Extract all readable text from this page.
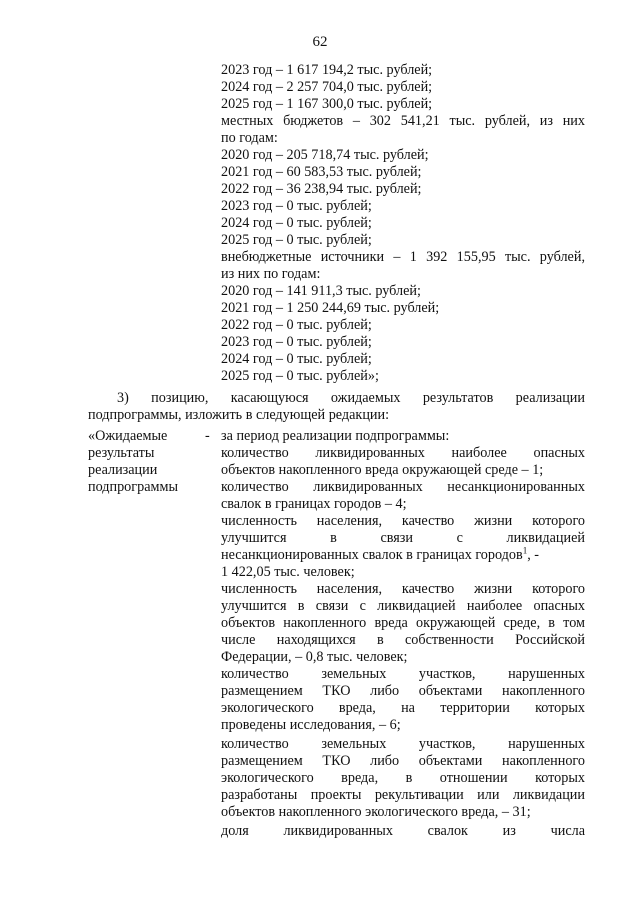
62
2023 год – 1 617 194,2 тыс. рублей;
2024 год – 2 257 704,0 тыс. рублей;
2025 год – 1 167 300,0 тыс. рублей;
местных бюджетов – 302 541,21 тыс. рублей, из них
по годам:
2020 год – 205 718,74 тыс. рублей;
2021 год – 60 583,53 тыс. рублей;
2022 год – 36 238,94 тыс. рублей;
2023 год – 0 тыс. рублей;
2024 год – 0 тыс. рублей;
2025 год – 0 тыс. рублей;
внебюджетные источники – 1 392 155,95 тыс. рублей,
из них по годам:
2020 год – 141 911,3 тыс. рублей;
2021 год – 1 250 244,69 тыс. рублей;
2022 год – 0 тыс. рублей;
2023 год – 0 тыс. рублей;
2024 год – 0 тыс. рублей;
2025 год – 0 тыс. рублей»;
3) позицию, касающуюся ожидаемых результатов реализации
подпрограммы, изложить в следующей редакции:
«Ожидаемые
результаты
реализации
подпрограммы
- за период реализации подпрограммы:
количество ликвидированных наиболее опасных
объектов накопленного вреда окружающей среде – 1;
количество ликвидированных несанкционированных
свалок в границах городов – 4;
численность населения, качество жизни которого
улучшится в связи с ликвидацией
несанкционированных свалок в границах городов$^1$, -
1 422,05 тыс. человек;
численность населения, качество жизни которого
улучшится в связи с ликвидацией наиболее опасных
объектов накопленного вреда окружающей среде, в том
числе находящихся в собственности Российской
Федерации, – 0,8 тыс. человек;
количество земельных участков, нарушенных
размещением ТКО либо объектами накопленного
экологического вреда, на территории которых
проведены исследования, – 6;
количество земельных участков, нарушенных
размещением ТКО либо объектами накопленного
экологического вреда, в отношении которых
разработаны проекты рекультивации или ликвидации
объектов накопленного экологического вреда, – 31;
доля ликвидированных свалок из числа
